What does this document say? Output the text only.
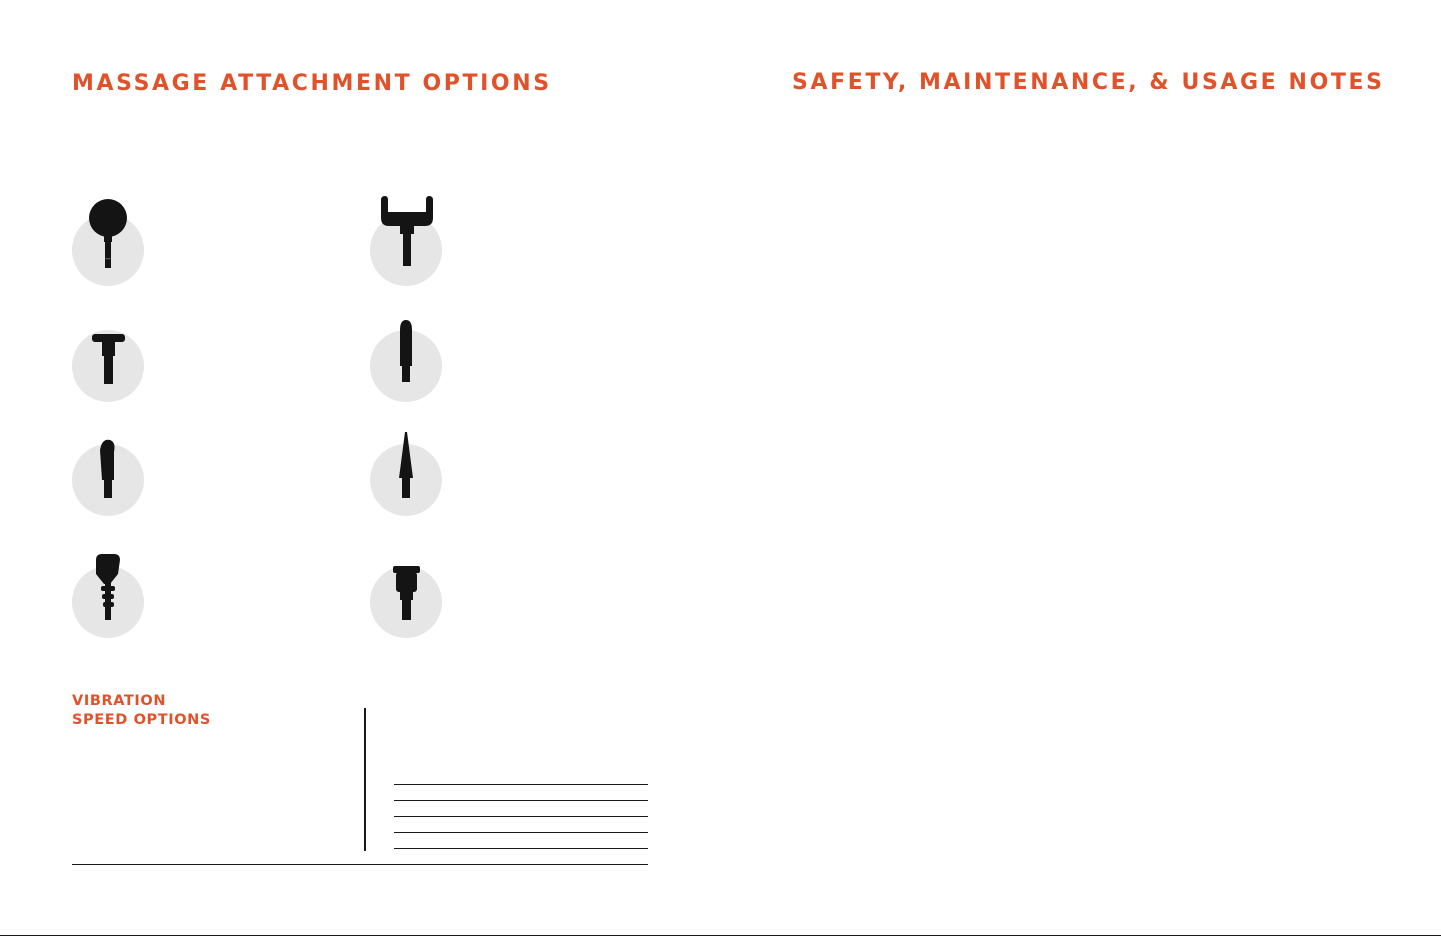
MASSAGE ATTACHMENT OPTIONS	SAFETY, MAINTENANCE, & USAGE NOTES
VIBRATION
SPEED OPTIONS
